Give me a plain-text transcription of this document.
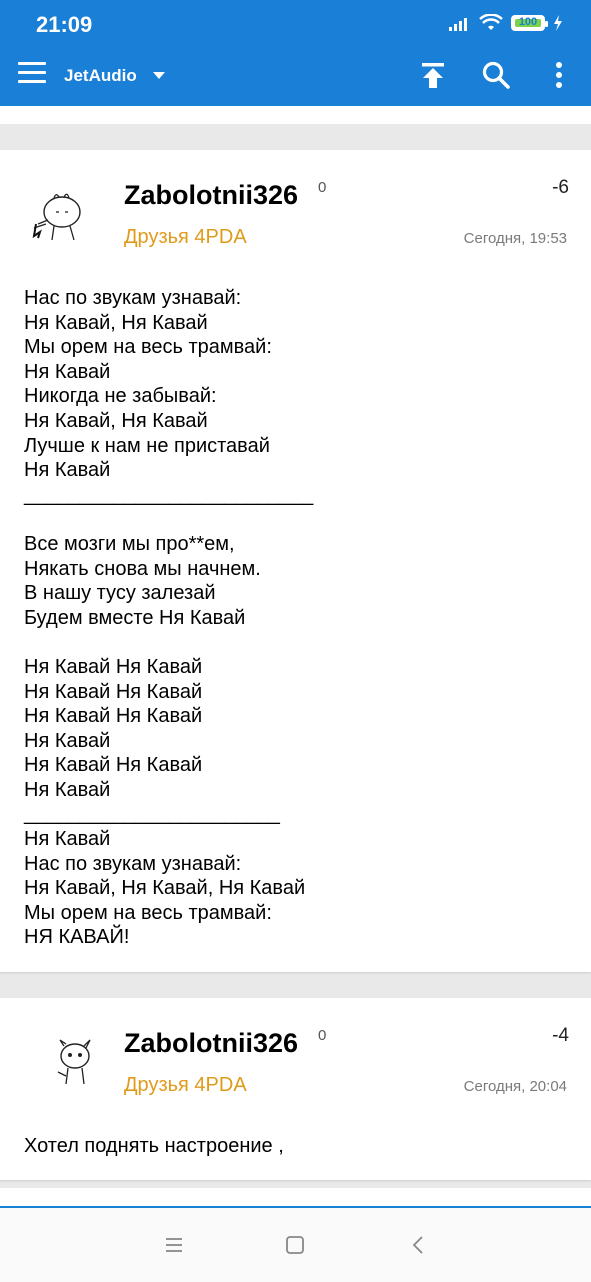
21:09	100
JetAudio
Zabolotnii326 0
Друзья 4PDA
-6
Сегодня, 19:53
Нас по звукам узнавай:
Ня Кавай, Ня Кавай
Мы орем на весь трамвай:
Ня Кавай
Никогда не забывай:
Ня Кавай, Ня Кавай
Лучше к нам не приставай
Ня Кавай
__________________________
Все мозги мы про**ем,
Някать снова мы начнем.
В нашу тусу залезай
Будем вместе Ня Кавай
Ня Кавай Ня Кавай
Ня Кавай Ня Кавай
Ня Кавай Ня Кавай
Ня Кавай
Ня Кавай Ня Кавай
Ня Кавай
_______________________
Ня Кавай
Нас по звукам узнавай:
Ня Кавай, Ня Кавай, Ня Кавай
Мы орем на весь трамвай:
НЯ КАВАЙ!
Zabolotnii326 0
Друзья 4PDA
-4
Сегодня, 20:04
Хотел поднять настроение ,
